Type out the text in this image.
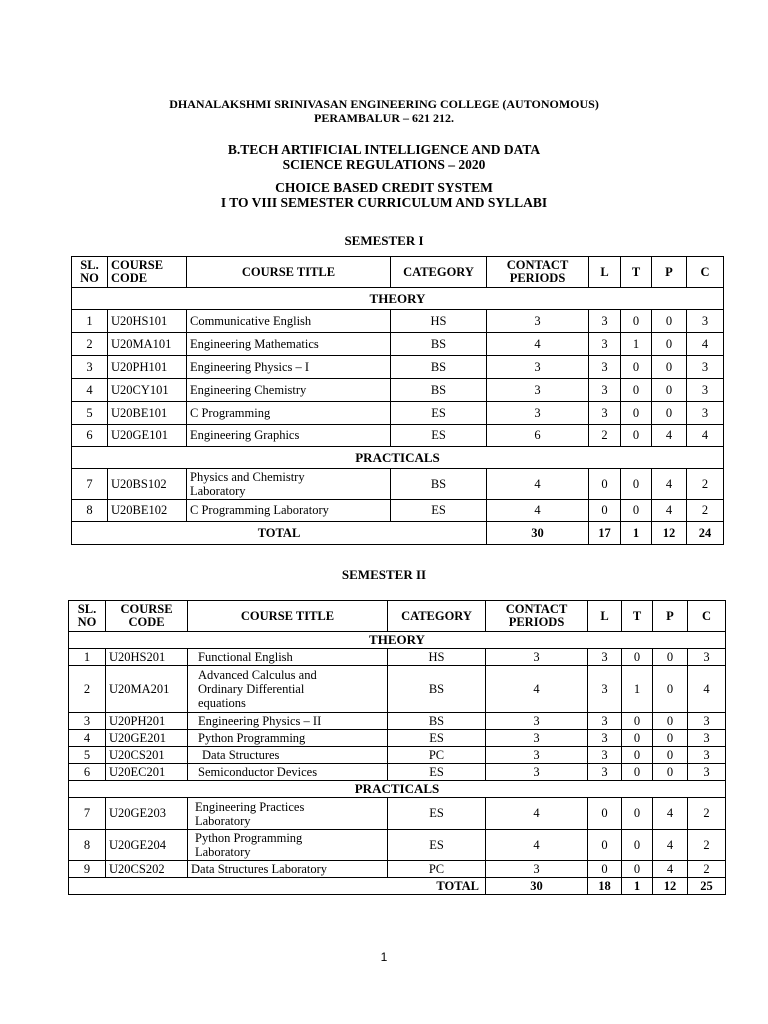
DHANALAKSHMI SRINIVASAN ENGINEERING COLLEGE (AUTONOMOUS)
PERAMBALUR – 621 212.
B.TECH ARTIFICIAL INTELLIGENCE AND DATA
SCIENCE REGULATIONS – 2020
CHOICE BASED CREDIT SYSTEM
I TO VIII SEMESTER CURRICULUM AND SYLLABI
SEMESTER I
SL.
NO	COURSE
CODE	COURSE TITLE	CATEGORY	CONTACT
PERIODS	L	T	P	C
THEORY								
1	U20HS101	Communicative English	HS	3	3	0	0	3
2	U20MA101	Engineering Mathematics	BS	4	3	1	0	4
3	U20PH101	Engineering Physics – I	BS	3	3	0	0	3
4	U20CY101	Engineering Chemistry	BS	3	3	0	0	3
5	U20BE101	C Programming	ES	3	3	0	0	3
6	U20GE101	Engineering Graphics	ES	6	2	0	4	4
PRACTICALS								
7	U20BS102	Physics and Chemistry
Laboratory	BS	4	0	0	4	2
8	U20BE102	C Programming Laboratory	ES	4	0	0	4	2
TOTAL				30	17	1	12	24
SEMESTER II
SL.
NO	COURSE
CODE	COURSE TITLE	CATEGORY	CONTACT
PERIODS	L	T	P	C
THEORY								
1	U20HS201	Functional English	HS	3	3	0	0	3
2	U20MA201	Advanced Calculus and
Ordinary Differential
equations	BS	4	3	1	0	4
3	U20PH201	Engineering Physics – II	BS	3	3	0	0	3
4	U20GE201	Python Programming	ES	3	3	0	0	3
5	U20CS201	Data Structures	PC	3	3	0	0	3
6	U20EC201	Semiconductor Devices	ES	3	3	0	0	3
PRACTICALS								
7	U20GE203	Engineering Practices
Laboratory	ES	4	0	0	4	2
8	U20GE204	Python Programming
Laboratory	ES	4	0	0	4	2
9	U20CS202	Data Structures Laboratory	PC	3	0	0	4	2
TOTAL				30	18	1	12	25
1
